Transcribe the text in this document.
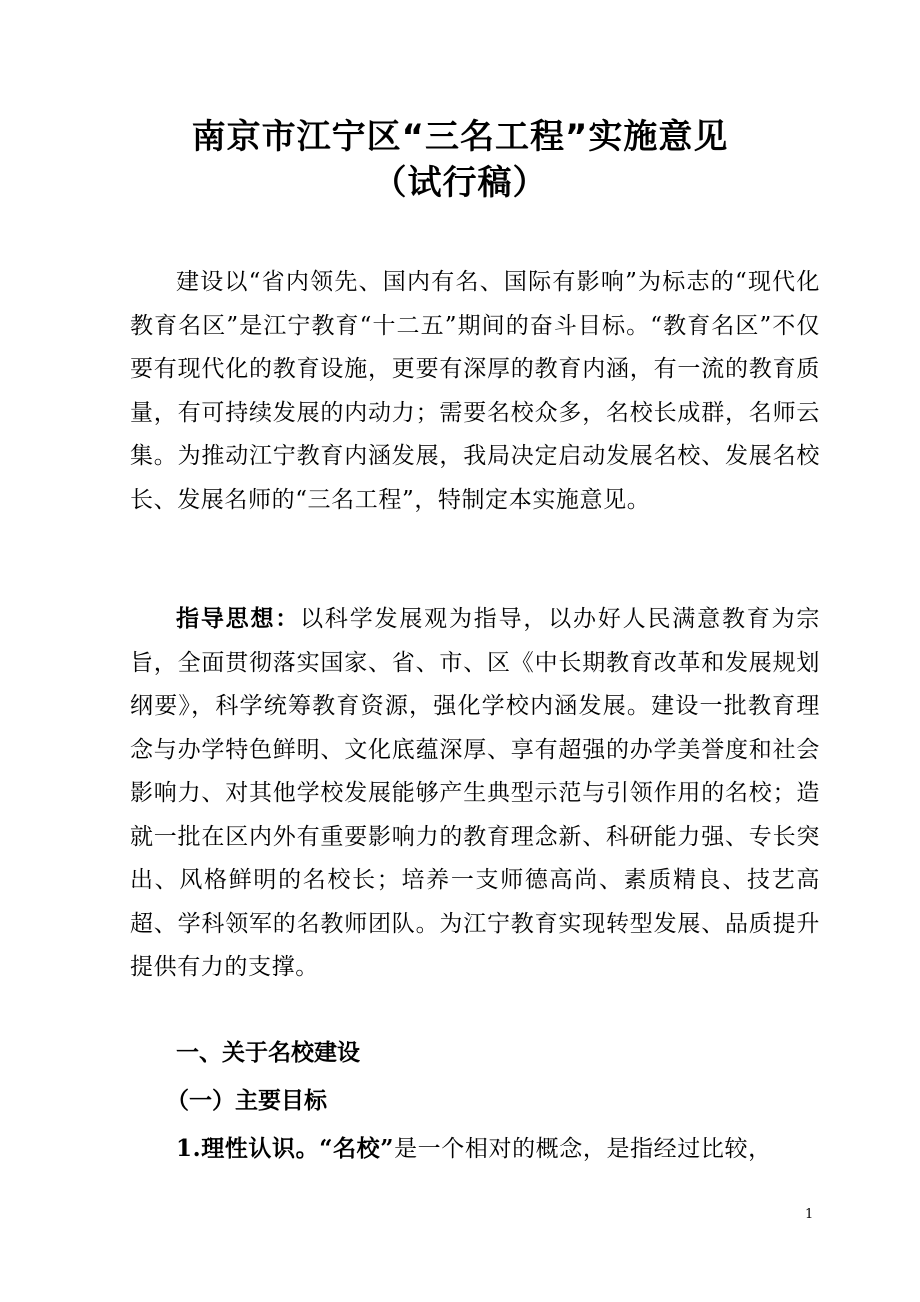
南京市江宁区“三名工程”实施意见
（试行稿）

建设以“省内领先、国内有名、国际有影响”为标志的“现代化教育名区”是江宁教育“十二五”期间的奋斗目标。“教育名区”不仅要有现代化的教育设施，更要有深厚的教育内涵，有一流的教育质量，有可持续发展的内动力；需要名校众多，名校长成群，名师云集。为推动江宁教育内涵发展，我局决定启动发展名校、发展名校长、发展名师的“三名工程”，特制定本实施意见。

指导思想：以科学发展观为指导，以办好人民满意教育为宗旨，全面贯彻落实国家、省、市、区《中长期教育改革和发展规划纲要》，科学统筹教育资源，强化学校内涵发展。建设一批教育理念与办学特色鲜明、文化底蕴深厚、享有超强的办学美誉度和社会影响力、对其他学校发展能够产生典型示范与引领作用的名校；造就一批在区内外有重要影响力的教育理念新、科研能力强、专长突出、风格鲜明的名校长；培养一支师德高尚、素质精良、技艺高超、学科领军的名教师团队。为江宁教育实现转型发展、品质提升提供有力的支撑。

一、关于名校建设
（一）主要目标
1.理性认识。“名校”是一个相对的概念，是指经过比较，
1
